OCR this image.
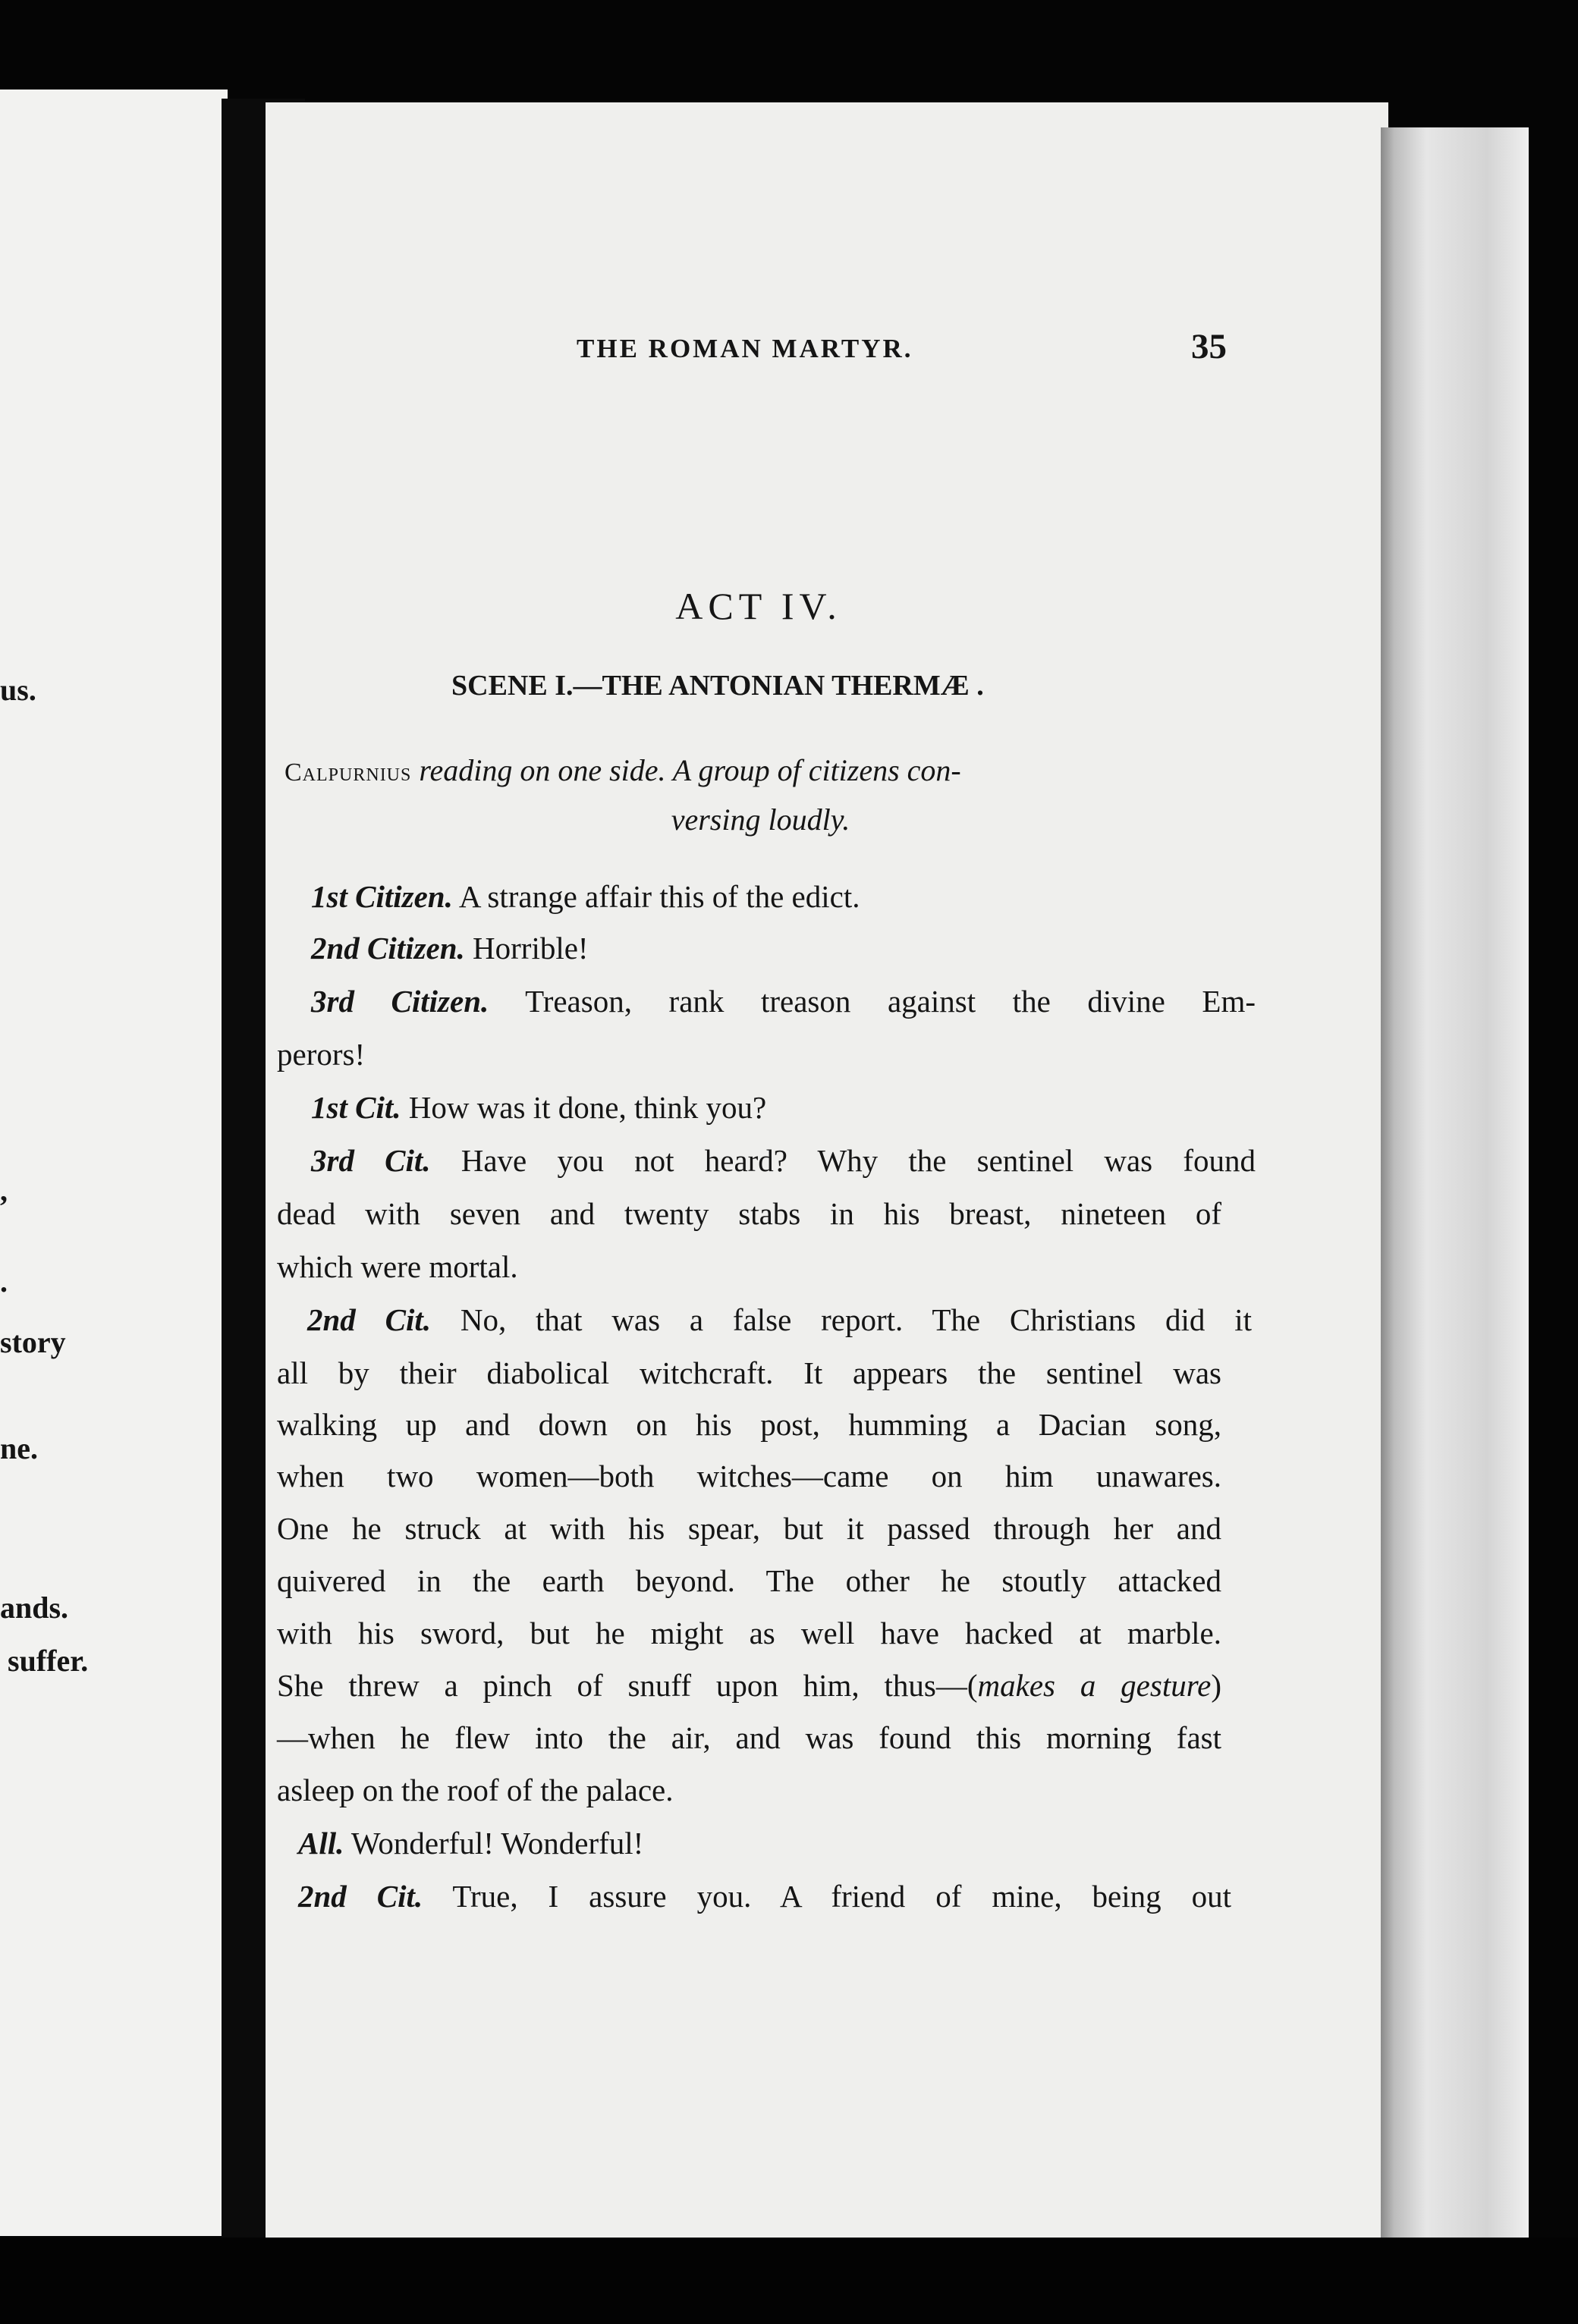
us.
,
.
story
ne.
ands.
suffer.
THE ROMAN MARTYR.	35
ACT IV.
SCENE I.—THE ANTONIAN THERMÆ .
Calpurnius reading on one side. A group of citizens con-
versing loudly.
1st Citizen. A strange affair this of the edict.
2nd Citizen. Horrible!
3rd Citizen. Treason, rank treason against the divine Em-
perors!
1st Cit. How was it done, think you?
3rd Cit. Have you not heard? Why the sentinel was found
dead with seven and twenty stabs in his breast, nineteen of
which were mortal.
2nd Cit. No, that was a false report. The Christians did it
all by their diabolical witchcraft. It appears the sentinel was
walking up and down on his post, humming a Dacian song,
when two women—both witches—came on him unawares.
One he struck at with his spear, but it passed through her and
quivered in the earth beyond. The other he stoutly attacked
with his sword, but he might as well have hacked at marble.
She threw a pinch of snuff upon him, thus—(makes a gesture)
—when he flew into the air, and was found this morning fast
asleep on the roof of the palace.
All. Wonderful! Wonderful!
2nd Cit. True, I assure you. A friend of mine, being out
